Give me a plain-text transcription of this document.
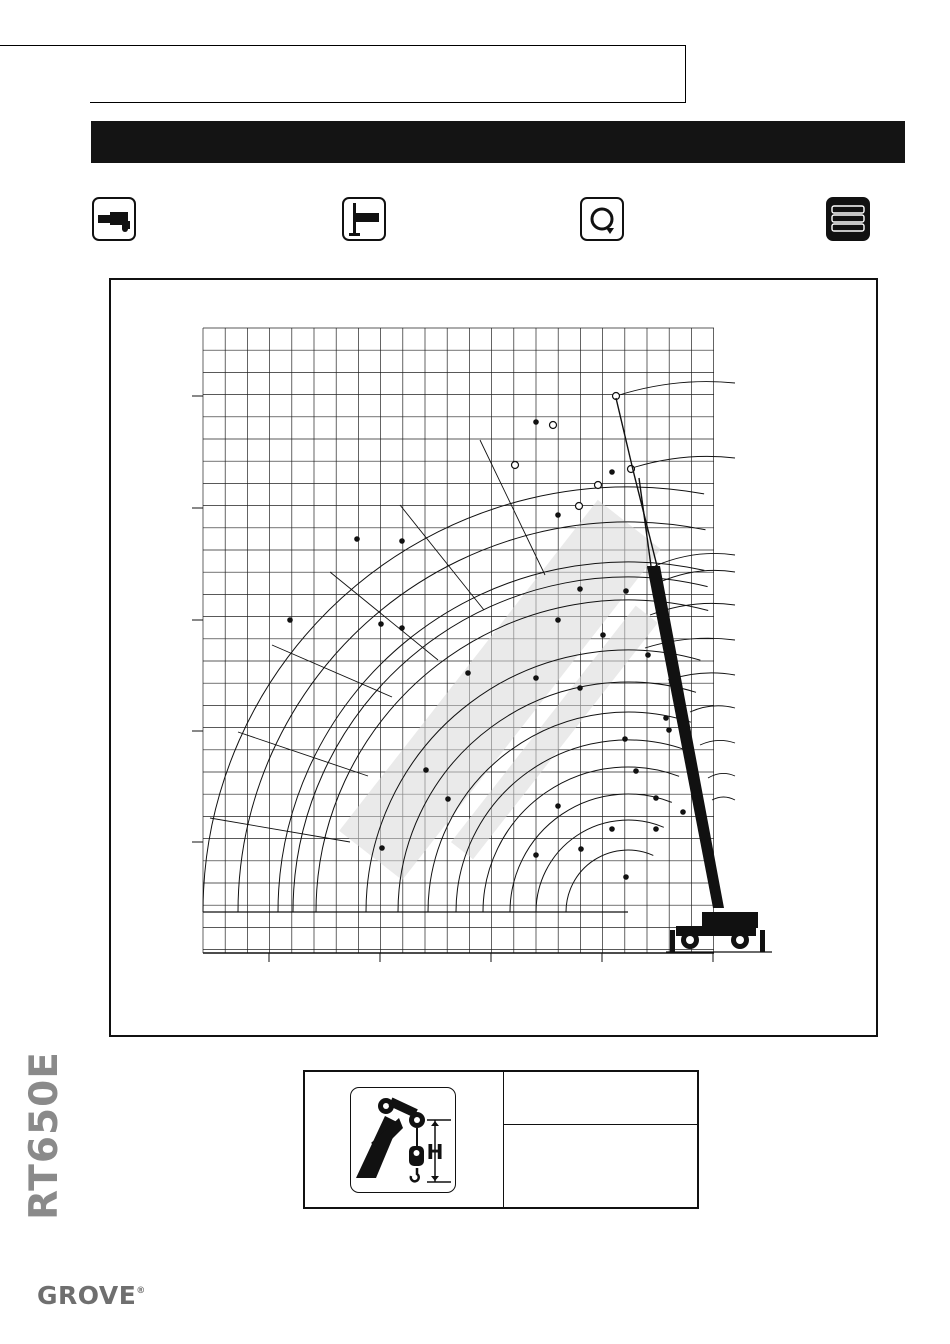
H
RT650E
GROVE®
